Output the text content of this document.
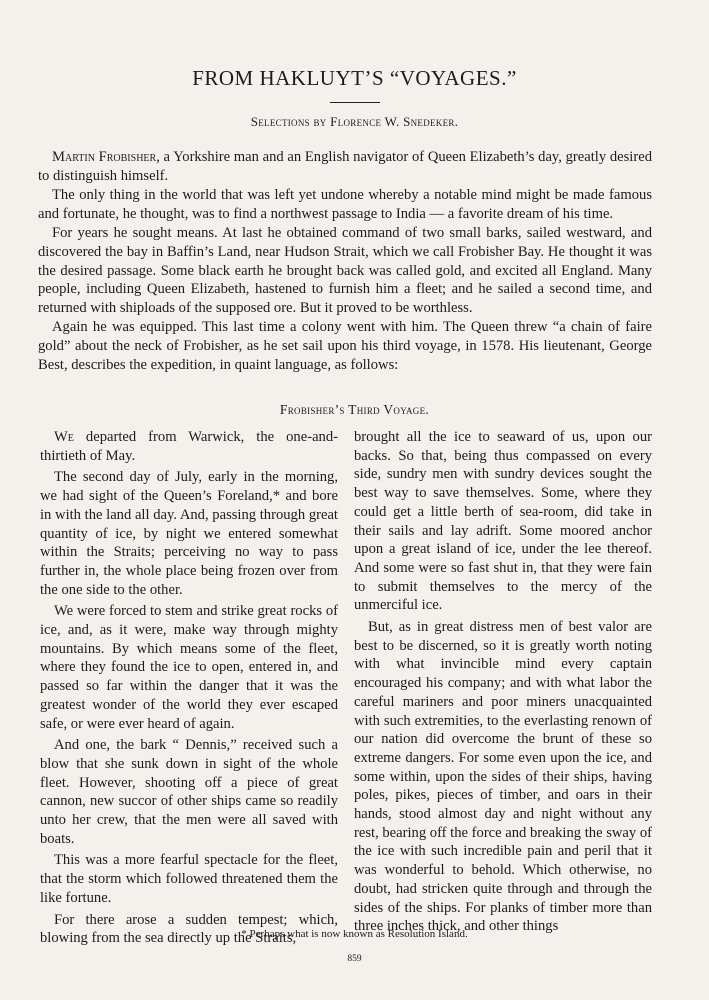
FROM HAKLUYT’S “VOYAGES.”
Selections by Florence W. Snedeker.

Martin Frobisher, a Yorkshire man and an English navigator of Queen Elizabeth’s day, greatly desired to distinguish himself.

The only thing in the world that was left yet undone whereby a notable mind might be made famous and fortunate, he thought, was to find a northwest passage to India — a favorite dream of his time.

For years he sought means. At last he obtained command of two small barks, sailed westward, and discovered the bay in Baffin’s Land, near Hudson Strait, which we call Frobisher Bay. He thought it was the desired passage. Some black earth he brought back was called gold, and excited all England. Many people, including Queen Elizabeth, hastened to furnish him a fleet; and he sailed a second time, and returned with shiploads of the supposed ore. But it proved to be worthless.

Again he was equipped. This last time a colony went with him. The Queen threw “a chain of faire gold” about the neck of Frobisher, as he set sail upon his third voyage, in 1578. His lieutenant, George Best, describes the expedition, in quaint language, as follows:

Frobisher’s Third Voyage.

We departed from Warwick, the one-and-thirtieth of May.

The second day of July, early in the morning, we had sight of the Queen’s Foreland,* and bore in with the land all day. And, passing through great quantity of ice, by night we entered somewhat within the Straits; perceiving no way to pass further in, the whole place being frozen over from the one side to the other.

We were forced to stem and strike great rocks of ice, and, as it were, make way through mighty mountains. By which means some of the fleet, where they found the ice to open, entered in, and passed so far within the danger that it was the greatest wonder of the world they ever escaped safe, or were ever heard of again.

And one, the bark “ Dennis,” received such a blow that she sunk down in sight of the whole fleet. However, shooting off a piece of great cannon, new succor of other ships came so readily unto her crew, that the men were all saved with boats.

This was a more fearful spectacle for the fleet, that the storm which followed threatened them the like fortune.

For there arose a sudden tempest; which, blowing from the sea directly up the Straits,

brought all the ice to seaward of us, upon our backs. So that, being thus compassed on every side, sundry men with sundry devices sought the best way to save themselves. Some, where they could get a little berth of sea-room, did take in their sails and lay adrift. Some moored anchor upon a great island of ice, under the lee thereof. And some were so fast shut in, that they were fain to submit themselves to the mercy of the unmerciful ice.

But, as in great distress men of best valor are best to be discerned, so it is greatly worth noting with what invincible mind every captain encouraged his company; and with what labor the careful mariners and poor miners unacquainted with such extremities, to the everlasting renown of our nation did overcome the brunt of these so extreme dangers. For some even upon the ice, and some within, upon the sides of their ships, having poles, pikes, pieces of timber, and oars in their hands, stood almost day and night without any rest, bearing off the force and breaking the sway of the ice with such incredible pain and peril that it was wonderful to behold. Which otherwise, no doubt, had stricken quite through and through the sides of the ships. For planks of timber more than three inches thick, and other things

* Perhaps what is now known as Resolution Island.
859
